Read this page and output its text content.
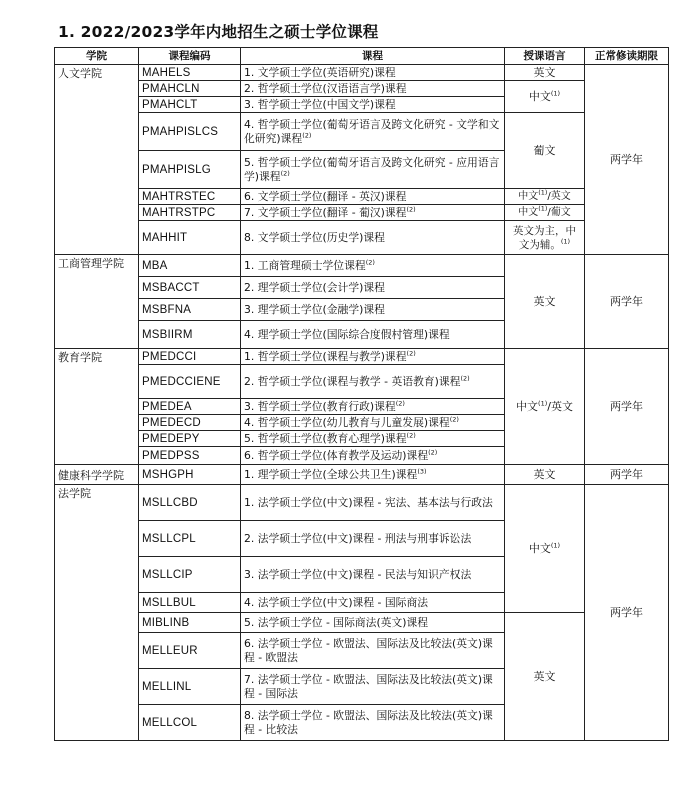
1. 2022/2023学年内地招生之硕士学位课程
学院	课程编码	课程	授课语言	正常修读期限
人文学院	MAHELS	1. 文学硕士学位(英语研究)课程	英文	两学年
	PMAHCLN	2. 哲学硕士学位(汉语语言学)课程	中文$^{(1)}$
	PMAHCLT	3. 哲学硕士学位(中国文学)课程		
	PMAHPISLCS	4. 哲学硕士学位(葡萄牙语言及跨文化研究 - 文学和文化研究)课程$^{(2)}$	葡文	
	PMAHPISLG	5. 哲学硕士学位(葡萄牙语言及跨文化研究 - 应用语言学)课程$^{(2)}$
	MAHTRSTEC	6. 文学硕士学位(翻译 - 英汉)课程	中文$^{(1)}$/英文	
	MAHTRSTPC	7. 文学硕士学位(翻译 - 葡汉)课程$^{(2)}$	中文$^{(1)}$/葡文	
	MAHHIT	8. 文学硕士学位(历史学)课程	英文为主，中文为辅。$^{(1)}$
工商管理学院	MBA	1. 工商管理硕士学位课程$^{(2)}$	英文	两学年
	MSBACCT	2. 理学硕士学位(会计学)课程		
	MSBFNA	3. 理学硕士学位(金融学)课程		
	MSBIIRM	4. 理学硕士学位(国际综合度假村管理)课程		
教育学院	PMEDCCI	1. 哲学硕士学位(课程与教学)课程$^{(2)}$	中文$^{(1)}$/英文	两学年
	PMEDCCIENE	2. 哲学硕士学位(课程与教学 - 英语教育)课程$^{(2)}$
	PMEDEA	3. 哲学硕士学位(教育行政)课程$^{(2)}$
	PMEDECD	4. 哲学硕士学位(幼儿教育与儿童发展)课程$^{(2)}$
	PMEDEPY	5. 哲学硕士学位(教育心理学)课程$^{(2)}$
	PMEDPSS	6. 哲学硕士学位(体育教学及运动)课程$^{(2)}$
健康科学学院	MSHGPH	1. 理学硕士学位(全球公共卫生)课程$^{(3)}$	英文	两学年
法学院	MSLLCBD	1. 法学硕士学位(中文)课程 - 宪法、基本法与行政法	中文$^{(1)}$	两学年
	MSLLCPL	2. 法学硕士学位(中文)课程 - 刑法与刑事诉讼法		
	MSLLCIP	3. 法学硕士学位(中文)课程 - 民法与知识产权法		
	MSLLBUL	4. 法学硕士学位(中文)课程 - 国际商法		
	MIBLINB	5. 法学硕士学位 - 国际商法(英文)课程	英文	
	MELLEUR	6. 法学硕士学位 - 欧盟法、国际法及比较法(英文)课程 - 欧盟法		
	MELLINL	7. 法学硕士学位 - 欧盟法、国际法及比较法(英文)课程 - 国际法		
	MELLCOL	8. 法学硕士学位 - 欧盟法、国际法及比较法(英文)课程 - 比较法		
